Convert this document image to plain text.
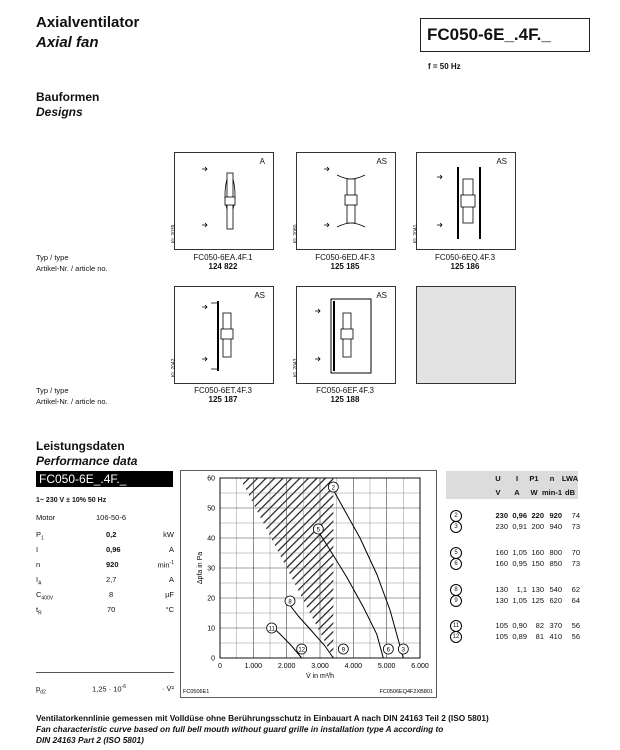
Axialventilator
Axial fan	FC050-6E_.4F._
f = 50 Hz
Bauformen
Designs
A
KL 2039
AS
KL 2080
AS
KL 2041
Typ / type
Artikel-Nr. / article no.
FC050-6EA.4F.1
124 822
FC050-6ED.4F.3
125 185
FC050-6EQ.4F.3
125 186
AS
KL 2042
AS
KL 2043
Typ / type
Artikel-Nr. / article no.
FC050-6ET.4F.3
125 187
FC050-6EF.4F.3
125 188
Leistungsdaten
Performance data
FC050-6E_.4F._
1~ 230 V ± 10% 50 Hz
Motor	106-50-6
$P_1$	0,2	kW
I	0,96	A
n	920	$\min^{-1}$
$I_A$	2,7	A
$C_{400V}$	8	µF
$t_R$	70	°C
$p_{d2}$	$1,25 \cdot 10^{-6}$	· V̇²
0	1.000 2.000 3.000 4.000 5.000 6.000
0
10
20
30
40
50
60
V̇ in m³/h
Δpfa in Pa
2
3
5
6
8
9
11
12
FC0506E1	FC0506EQ4F2XB801
U	I	P1	n	LWA
V	A	W min-1 dB
2	230 0,96 220 920	74
3	230 0,91 200 940	73
5	160 1,05 160 800	70
6	160 0,95 150 850	73
8	130	1,1 130 540	62
9	130 1,05 125 620	64
11	105 0,90	82 370	56
12	105 0,89	81 410	56
Ventilatorkennlinie gemessen mit Volldüse ohne Berührungsschutz in Einbauart A nach DIN 24163 Teil 2 (ISO 5801)
Fan characteristic curve based on full bell mouth without guard grille in installation type A according to
DIN 24163 Part 2 (ISO 5801)
